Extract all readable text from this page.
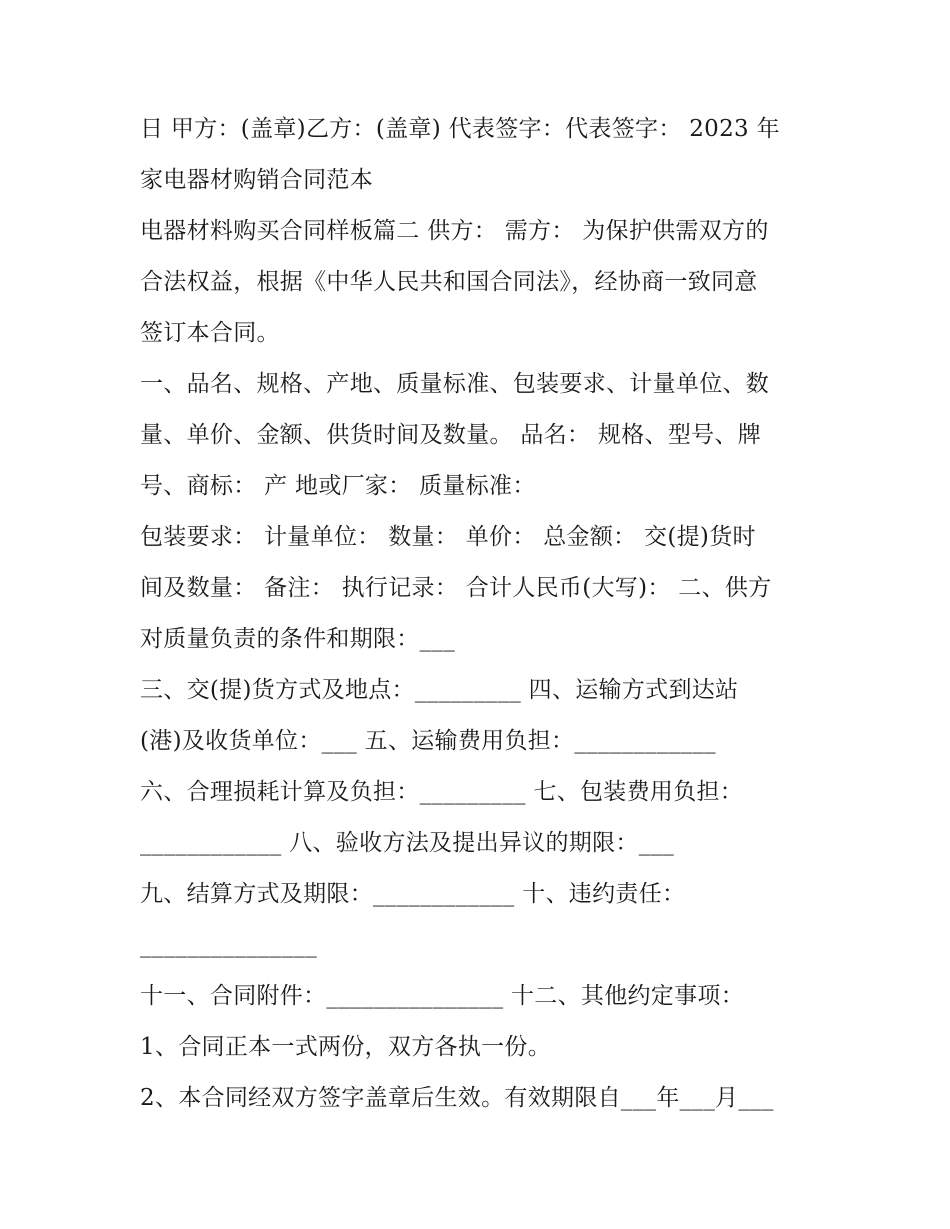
日 甲方：(盖章)乙方：(盖章) 代表签字：代表签字： 2023 年
家电器材购销合同范本
电器材料购买合同样板篇二 供方： 需方： 为保护供需双方的
合法权益，根据《中华人民共和国合同法》，经协商一致同意
签订本合同。
一、品名、规格、产地、质量标准、包装要求、计量单位、数
量、单价、金额、供货时间及数量。 品名： 规格、型号、牌
号、商标： 产 地或厂家： 质量标准：
包装要求： 计量单位： 数量： 单价： 总金额： 交(提)货时
间及数量： 备注： 执行记录： 合计人民币(大写)： 二、供方
对质量负责的条件和期限：___
三、交(提)货方式及地点：_________ 四、运输方式到达站
(港)及收货单位：___ 五、运输费用负担：____________
六、合理损耗计算及负担：_________ 七、包装费用负担：
____________ 八、验收方法及提出异议的期限：___
九、结算方式及期限：____________ 十、违约责任：
_______________
十一、合同附件：_______________ 十二、其他约定事项：
1、合同正本一式两份，双方各执一份。
2、本合同经双方签字盖章后生效。有效期限自___年___月___
